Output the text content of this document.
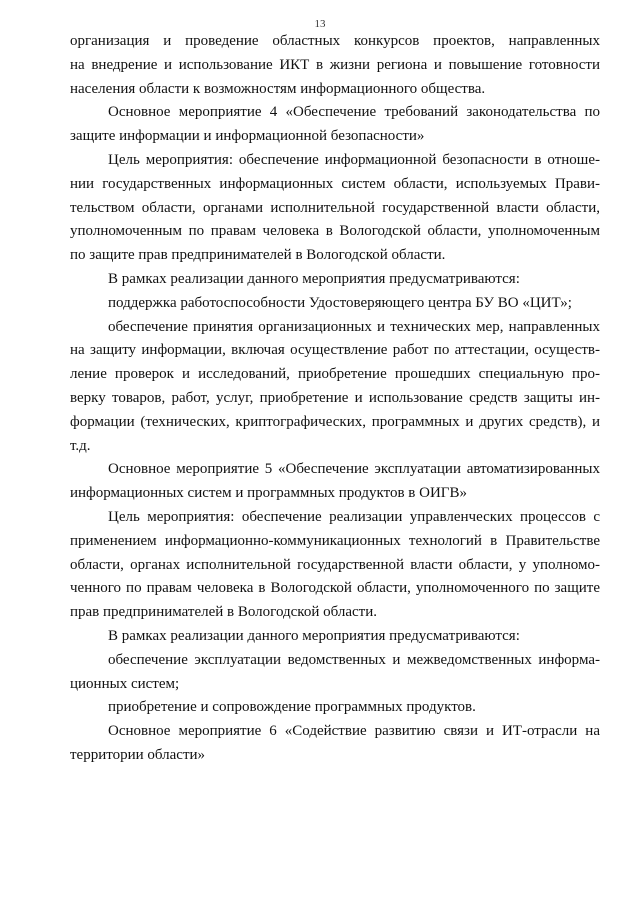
13
организация и проведение областных конкурсов проектов, направленных
на внедрение и использование ИКТ в жизни региона и повышение готовности
населения области к возможностям информационного общества.
Основное мероприятие 4 «Обеспечение требований законодательства по
защите информации и информационной безопасности»
Цель мероприятия: обеспечение информационной безопасности в отноше-
нии государственных информационных систем области, используемых Прави-
тельством области, органами исполнительной государственной власти области,
уполномоченным по правам человека в Вологодской области, уполномоченным
по защите прав предпринимателей в Вологодской области.
В рамках реализации данного мероприятия предусматриваются:
поддержка работоспособности Удостоверяющего центра БУ ВО «ЦИТ»;
обеспечение принятия организационных и технических мер, направленных
на защиту информации, включая осуществление работ по аттестации, осуществ-
ление проверок и исследований, приобретение прошедших специальную про-
верку товаров, работ, услуг, приобретение и использование средств защиты ин-
формации (технических, криптографических, программных и других средств), и
т.д.
Основное мероприятие 5 «Обеспечение эксплуатации автоматизированных
информационных систем и программных продуктов в ОИГВ»
Цель мероприятия: обеспечение реализации управленческих процессов с
применением информационно-коммуникационных технологий в Правительстве
области, органах исполнительной государственной власти области, у уполномо-
ченного по правам человека в Вологодской области, уполномоченного по защите
прав предпринимателей в Вологодской области.
В рамках реализации данного мероприятия предусматриваются:
обеспечение эксплуатации ведомственных и межведомственных информа-
ционных систем;
приобретение и сопровождение программных продуктов.
Основное мероприятие 6 «Содействие развитию связи и ИТ-отрасли на
территории области»
